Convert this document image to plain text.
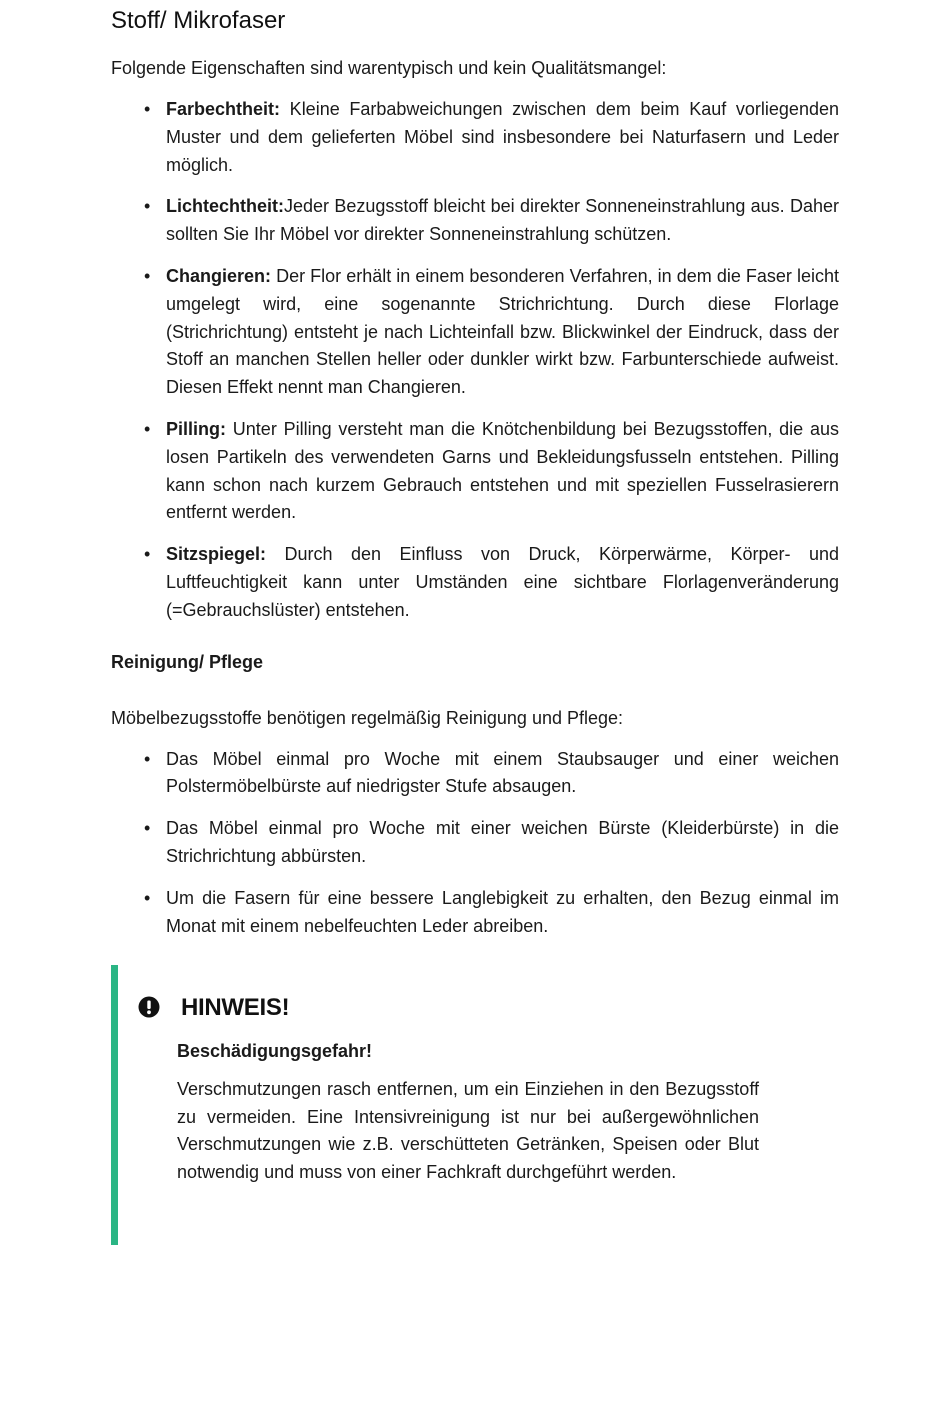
Stoff/ Mikrofaser

Folgende Eigenschaften sind warentypisch und kein Qualitätsmangel:

• Farbechtheit: Kleine Farbabweichungen zwischen dem beim Kauf vorliegenden Muster und dem gelieferten Möbel sind insbesondere bei Naturfasern und Leder möglich.
• Lichtechtheit:Jeder Bezugsstoff bleicht bei direkter Sonneneinstrahlung aus. Daher sollten Sie Ihr Möbel vor direkter Sonneneinstrahlung schützen.
• Changieren: Der Flor erhält in einem besonderen Verfahren, in dem die Faser leicht umgelegt wird, eine sogenannte Strichrichtung. Durch diese Florlage (Strichrichtung) entsteht je nach Lichteinfall bzw. Blickwinkel der Eindruck, dass der Stoff an manchen Stellen heller oder dunkler wirkt bzw. Farbunterschiede aufweist. Diesen Effekt nennt man Changieren.
• Pilling: Unter Pilling versteht man die Knötchenbildung bei Bezugsstoffen, die aus losen Partikeln des verwendeten Garns und Bekleidungsfusseln entstehen. Pilling kann schon nach kurzem Gebrauch entstehen und mit speziellen Fusselrasierern entfernt werden.
• Sitzspiegel: Durch den Einfluss von Druck, Körperwärme, Körper- und Luftfeuchtigkeit kann unter Umständen eine sichtbare Florlagenveränderung (=Gebrauchslüster) entstehen.

Reinigung/ Pflege

Möbelbezugsstoffe benötigen regelmäßig Reinigung und Pflege:

• Das Möbel einmal pro Woche mit einem Staubsauger und einer weichen Polstermöbelbürste auf niedrigster Stufe absaugen.
• Das Möbel einmal pro Woche mit einer weichen Bürste (Kleiderbürste) in die Strichrichtung abbürsten.
• Um die Fasern für eine bessere Langlebigkeit zu erhalten, den Bezug einmal im Monat mit einem nebelfeuchten Leder abreiben.
HINWEIS!
Beschädigungsgefahr!
Verschmutzungen rasch entfernen, um ein Einziehen in den Bezugsstoff zu vermeiden. Eine Intensivreinigung ist nur bei außergewöhnlichen Verschmutzungen wie z.B. verschütteten Getränken, Speisen oder Blut notwendig und muss von einer Fachkraft durchgeführt werden.
